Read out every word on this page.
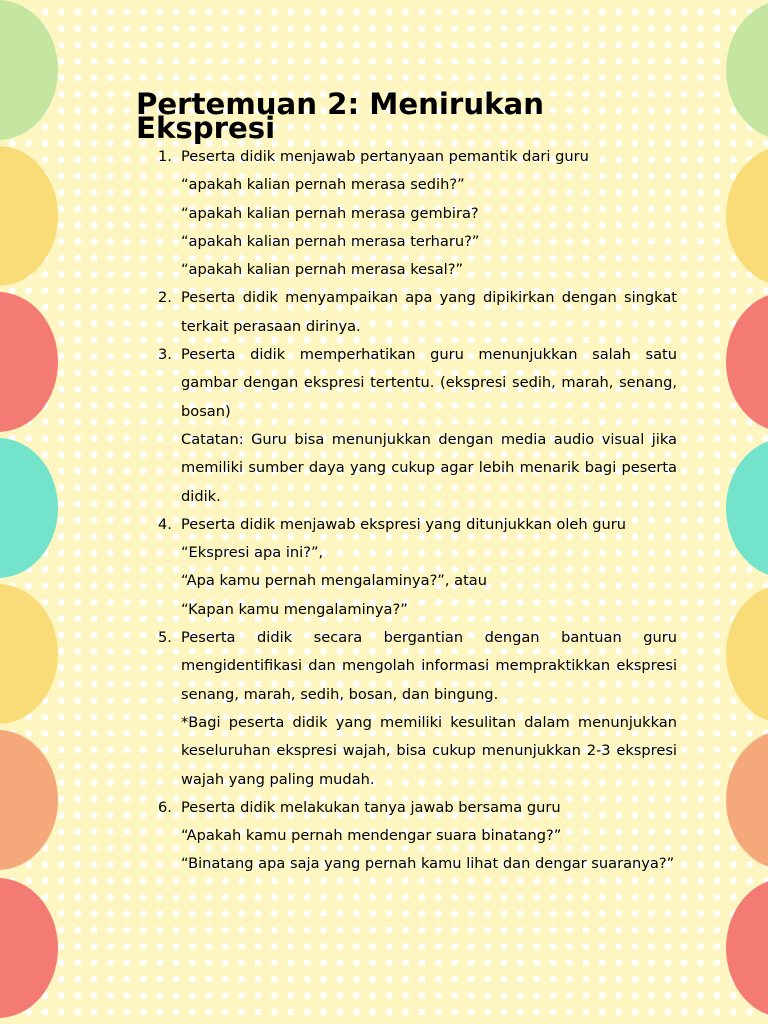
Pertemuan 2: Menirukan Ekspresi
1. Peserta didik menjawab pertanyaan pemantik dari guru
“apakah kalian pernah merasa sedih?”
“apakah kalian pernah merasa gembira?
“apakah kalian pernah merasa terharu?”
“apakah kalian pernah merasa kesal?”
2. Peserta didik menyampaikan apa yang dipikirkan dengan singkat terkait perasaan dirinya.
3. Peserta didik memperhatikan guru menunjukkan salah satu gambar dengan ekspresi tertentu. (ekspresi sedih, marah, senang, bosan)
Catatan: Guru bisa menunjukkan dengan media audio visual jika memiliki sumber daya yang cukup agar lebih menarik bagi peserta didik.
4. Peserta didik menjawab ekspresi yang ditunjukkan oleh guru
“Ekspresi apa ini?”,
“Apa kamu pernah mengalaminya?”, atau
“Kapan kamu mengalaminya?”
5. Peserta didik secara bergantian dengan bantuan guru mengidentifikasi dan mengolah informasi mempraktikkan ekspresi senang, marah, sedih, bosan, dan bingung.
*Bagi peserta didik yang memiliki kesulitan dalam menunjukkan keseluruhan ekspresi wajah, bisa cukup menunjukkan 2-3 ekspresi wajah yang paling mudah.
6. Peserta didik melakukan tanya jawab bersama guru
“Apakah kamu pernah mendengar suara binatang?”
“Binatang apa saja yang pernah kamu lihat dan dengar suaranya?”
